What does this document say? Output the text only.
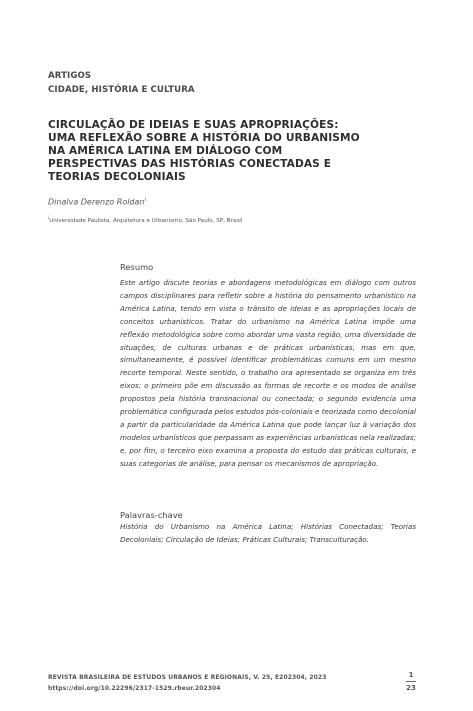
ARTIGOS
CIDADE, HISTÓRIA E CULTURA
CIRCULAÇÃO DE IDEIAS E SUAS APROPRIAÇÕES:
UMA REFLEXÃO SOBRE A HISTÓRIA DO URBANISMO
NA AMÉRICA LATINA EM DIÁLOGO COM
PERSPECTIVAS DAS HISTÓRIAS CONECTADAS E
TEORIAS DECOLONIAIS
Dinalva Derenzo Roldan$^i$
$^i$Universidade Paulista, Arquitetura e Urbanismo, São Paulo, SP, Brasil
Resumo

Este artigo discute teorias e abordagens metodológicas em diálogo com outros campos disciplinares para refletir sobre a história do pensamento urbanístico na América Latina, tendo em vista o trânsito de ideias e as apropriações locais de conceitos urbanísticos. Tratar do urbanismo na América Latina impõe uma reflexão metodológica sobre como abordar uma vasta região, uma diversidade de situações, de culturas urbanas e de práticas urbanísticas, mas em que, simultaneamente, é possível identificar problemáticas comuns em um mesmo recorte temporal. Neste sentido, o trabalho ora apresentado se organiza em três eixos: o primeiro põe em discussão as formas de recorte e os modos de análise propostos pela história transnacional ou conectada; o segundo evidencia uma problemática configurada pelos estudos pós-coloniais e teorizada como decolonial a partir da particularidade da América Latina que pode lançar luz à variação dos modelos urbanísticos que perpassam as experiências urbanísticas nela realizadas; e, por fim, o terceiro eixo examina a proposta do estudo das práticas culturais, e suas categorias de análise, para pensar os mecanismos de apropriação.

Palavras-chave

História do Urbanismo na América Latina; Histórias Conectadas; Teorias Decoloniais; Circulação de Ideias; Práticas Culturais; Transculturação.

REVISTA BRASILEIRA DE ESTUDOS URBANOS E REGIONAIS, V. 25, E202304, 2023
https://doi.org/10.22296/2317-1529.rbeur.202304
1
23
